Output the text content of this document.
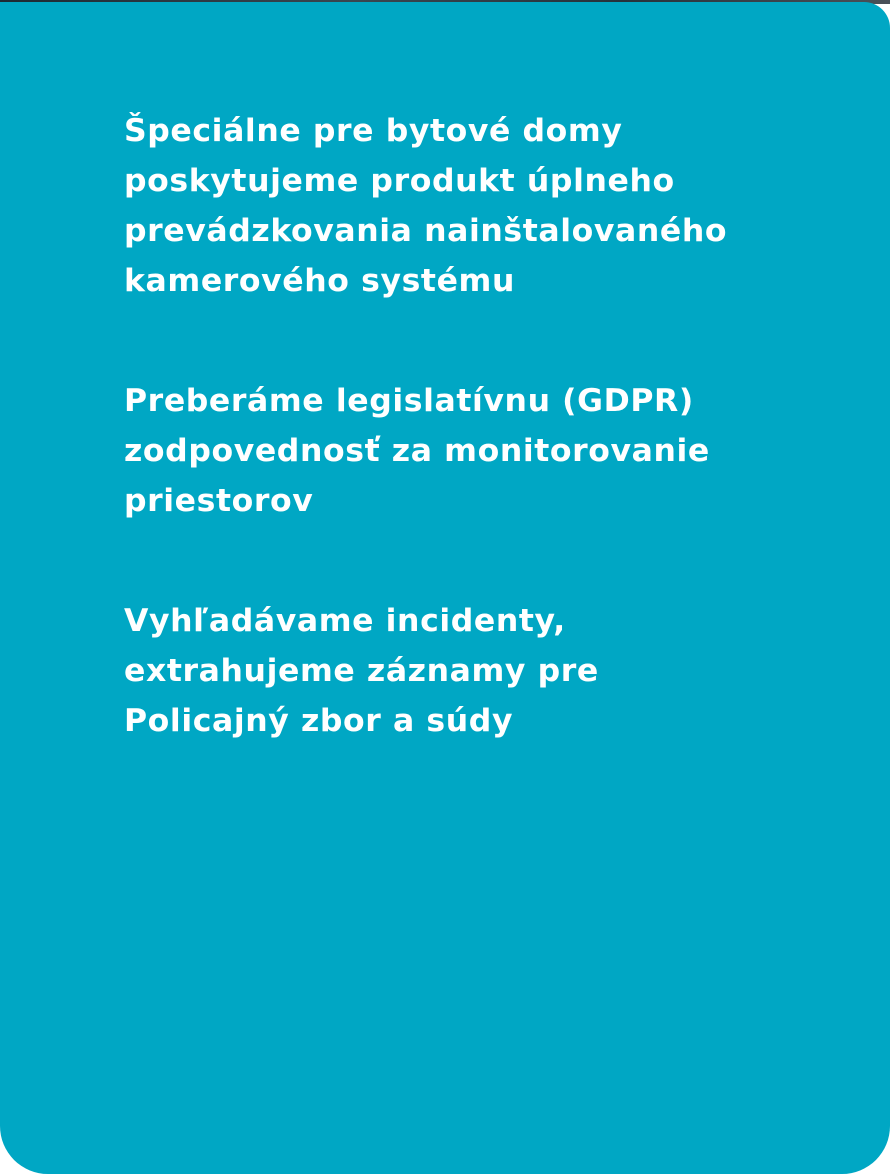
Špeciálne pre bytové domy
poskytujeme produkt úplneho
prevádzkovania nainštalovaného
kamerového systému

Preberáme legislatívnu (GDPR)
zodpovednosť za monitorovanie
priestorov

Vyhľadávame incidenty,
extrahujeme záznamy pre
Policajný zbor a súdy
